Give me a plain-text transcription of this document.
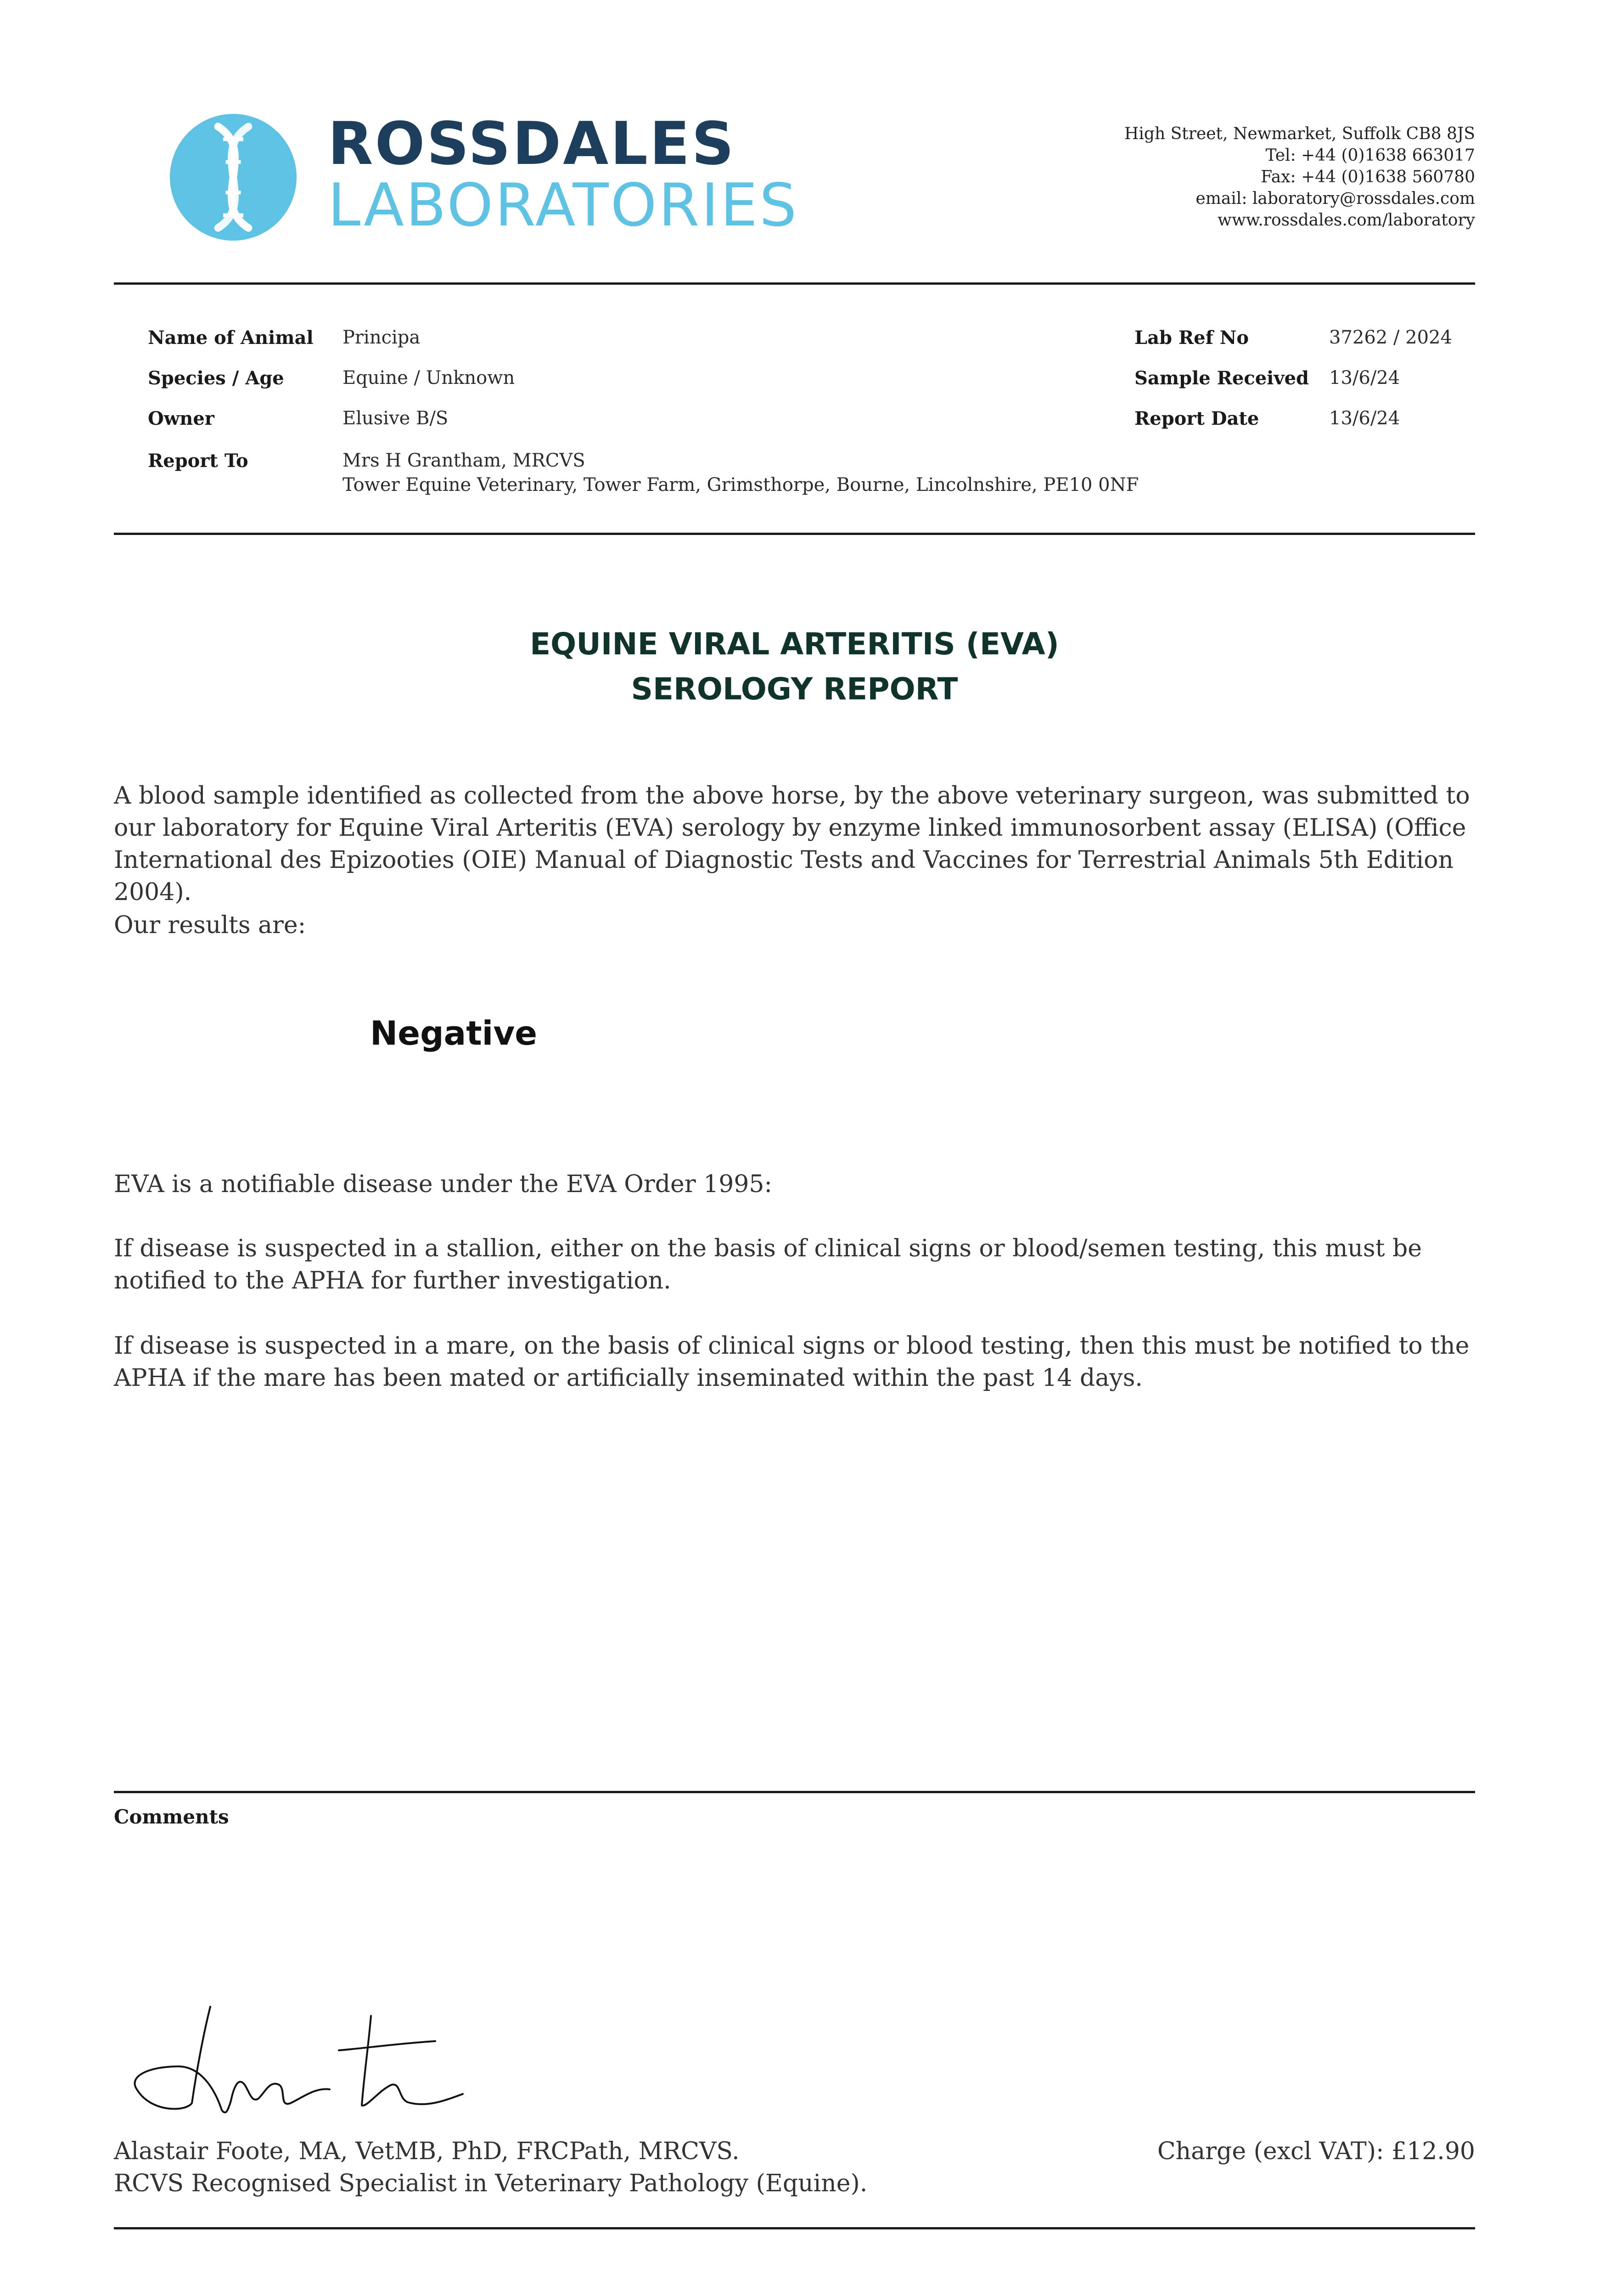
ROSSDALES
LABORATORIES
High Street, Newmarket, Suffolk CB8 8JS
Tel: +44 (0)1638 663017
Fax: +44 (0)1638 560780
email: laboratory@rossdales.com
www.rossdales.com/laboratory
Name of Animal Principa
Species / Age	Equine / Unknown
Owner	Elusive B/S
Report To	Mrs H Grantham, MRCVS
Tower Equine Veterinary, Tower Farm, Grimsthorpe, Bourne, Lincolnshire, PE10 0NF
Lab Ref No	37262 / 2024
Sample Received 13/6/24
Report Date	13/6/24
EQUINE VIRAL ARTERITIS (EVA)
SEROLOGY REPORT
A blood sample identified as collected from the above horse, by the above veterinary surgeon, was submitted to our laboratory for Equine Viral Arteritis (EVA) serology by enzyme linked immunosorbent assay (ELISA) (Office International des Epizooties (OIE) Manual of Diagnostic Tests and Vaccines for Terrestrial Animals 5th Edition 2004).
Our results are:
Negative
EVA is a notifiable disease under the EVA Order 1995:
If disease is suspected in a stallion, either on the basis of clinical signs or blood/semen testing, this must be notified to the APHA for further investigation.
If disease is suspected in a mare, on the basis of clinical signs or blood testing, then this must be notified to the APHA if the mare has been mated or artificially inseminated within the past 14 days.
Comments
Alastair Foote, MA, VetMB, PhD, FRCPath, MRCVS.
RCVS Recognised Specialist in Veterinary Pathology (Equine).
Charge (excl VAT): £12.90
